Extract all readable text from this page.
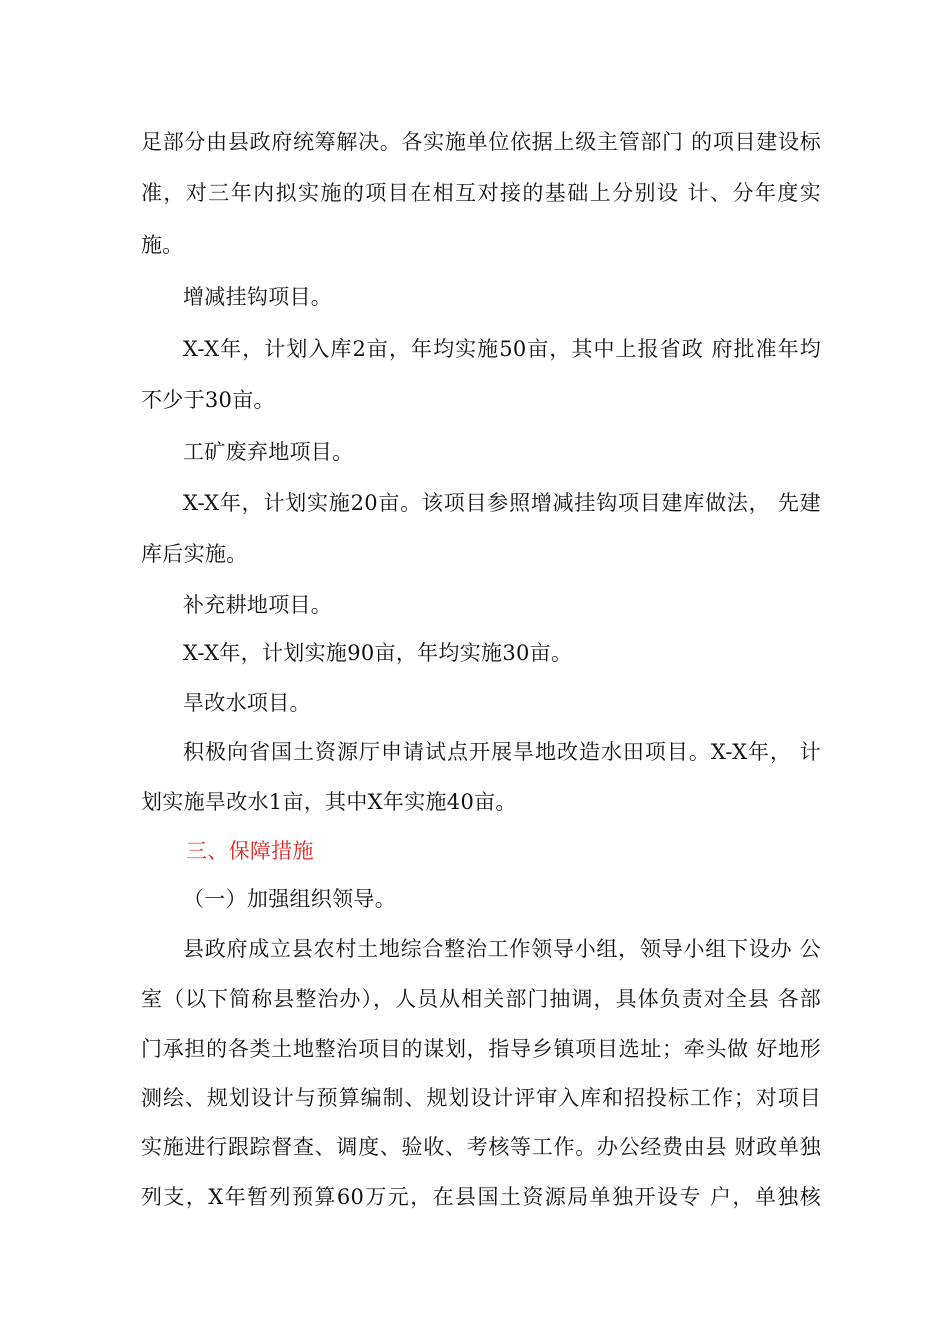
足部分由县政府统筹解决。各实施单位依据上级主管部门 的项目建设标
准，对三年内拟实施的项目在相互对接的基础上分别设 计、分年度实
施。
增减挂钩项目。
X-X年，计划入库2亩，年均实施50亩，其中上报省政 府批准年均
不少于30亩。
工矿废弃地项目。
X-X年，计划实施20亩。该项目参照增减挂钩项目建库做法， 先建
库后实施。
补充耕地项目。
X-X年，计划实施90亩，年均实施30亩。
旱改水项目。
积极向省国土资源厅申请试点开展旱地改造水田项目。X-X年， 计
划实施旱改水1亩，其中X年实施40亩。
三、保障措施
（一）加强组织领导。
县政府成立县农村土地综合整治工作领导小组，领导小组下设办 公
室（以下简称县整治办），人员从相关部门抽调，具体负责对全县 各部
门承担的各类土地整治项目的谋划，指导乡镇项目选址；牵头做 好地形
测绘、规划设计与预算编制、规划设计评审入库和招投标工作；对项目
实施进行跟踪督查、调度、验收、考核等工作。办公经费由县 财政单独
列支，X年暂列预算60万元，在县国土资源局单独开设专 户，单独核
